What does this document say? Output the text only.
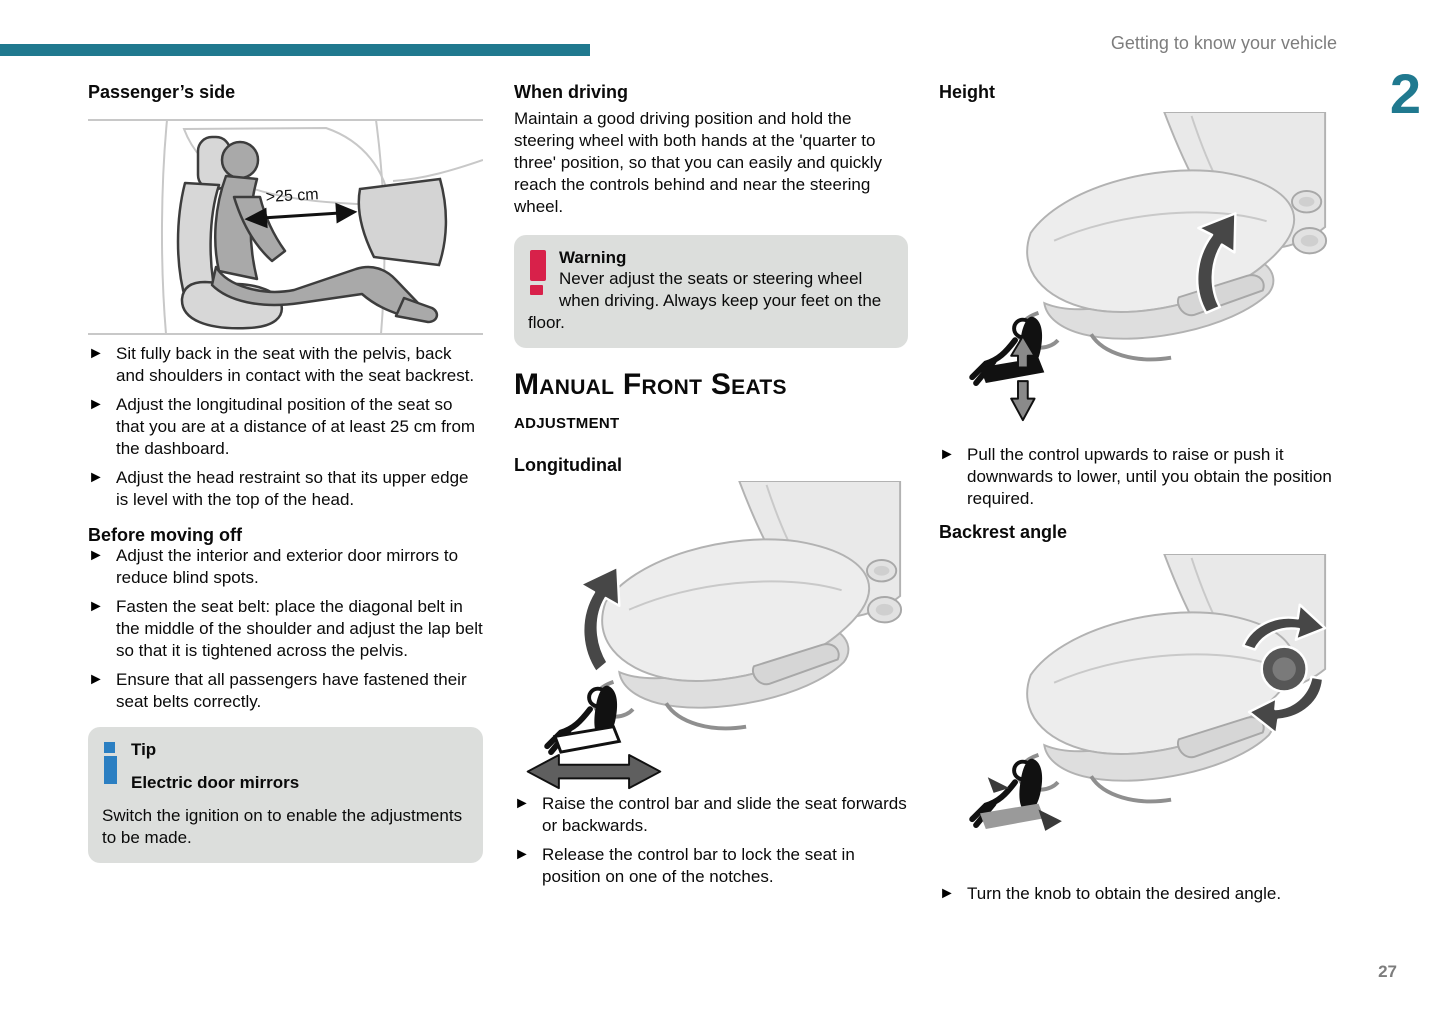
Getting to know your vehicle
2
27
Passenger’s side
>25 cm
► Sit fully back in the seat with the pelvis, back and shoulders in contact with the seat backrest.
► Adjust the longitudinal position of the seat so that you are at a distance of at least 25 cm from the dashboard.
► Adjust the head restraint so that its upper edge is level with the top of the head.
Before moving off
► Adjust the interior and exterior door mirrors to reduce blind spots.
► Fasten the seat belt: place the diagonal belt in the middle of the shoulder and adjust the lap belt so that it is tightened across the pelvis.
► Ensure that all passengers have fastened their seat belts correctly.
Tip
Electric door mirrors

Switch the ignition on to enable the adjustments to be made.

When driving

Maintain a good driving position and hold the steering wheel with both hands at the 'quarter to three' position, so that you can easily and quickly reach the controls behind and near the steering wheel.

Warning

Never adjust the seats or steering wheel when driving. Always keep your feet on the floor.

Manual Front Seats
adjustment
Longitudinal
► Raise the control bar and slide the seat forwards or backwards.
► Release the control bar to lock the seat in position on one of the notches.
Height
► Pull the control upwards to raise or push it downwards to lower, until you obtain the position required.
Backrest angle
► Turn the knob to obtain the desired angle.
